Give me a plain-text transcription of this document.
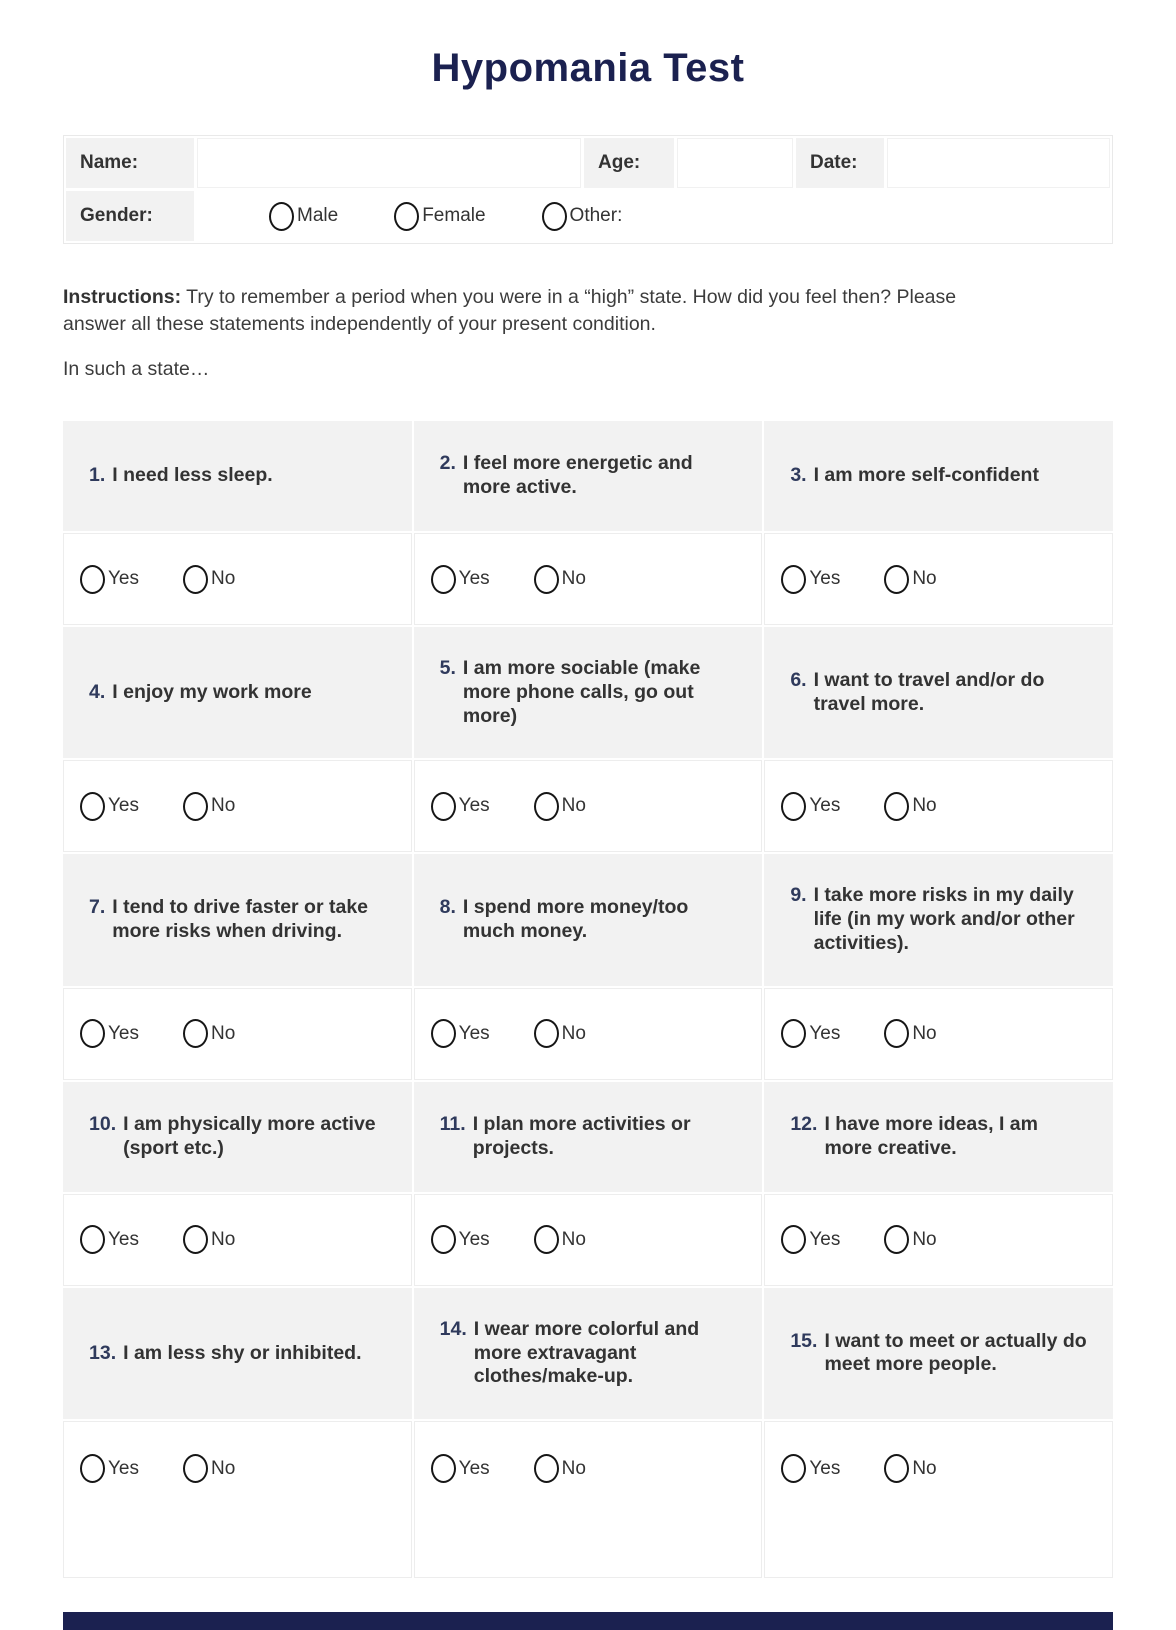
Hypomania Test
Name:	Age:	Date:
Gender:	Male	Female	Other:

Instructions: Try to remember a period when you were in a “high” state. How did you feel then? Please answer all these statements independently of your present condition.

In such a state…

1. I need less sleep.
2. I feel more energetic and more active.
3. I am more self-confident
Yes	No	Yes	No	Yes	No
4. I enjoy my work more
5. I am more sociable (make more phone calls, go out more)
6. I want to travel and/or do travel more.
Yes	No	Yes	No	Yes	No
7. I tend to drive faster or take more risks when driving.
8. I spend more money/too much money.
9. I take more risks in my daily life (in my work and/or other activities).
Yes	No	Yes	No	Yes	No
10. I am physically more active (sport etc.)
11. I plan more activities or projects.
12. I have more ideas, I am more creative.
Yes	No	Yes	No	Yes	No
13. I am less shy or inhibited.
14. I wear more colorful and more extravagant clothes/make-up.
15. I want to meet or actually do meet more people.
Yes	No	Yes	No	Yes	No
